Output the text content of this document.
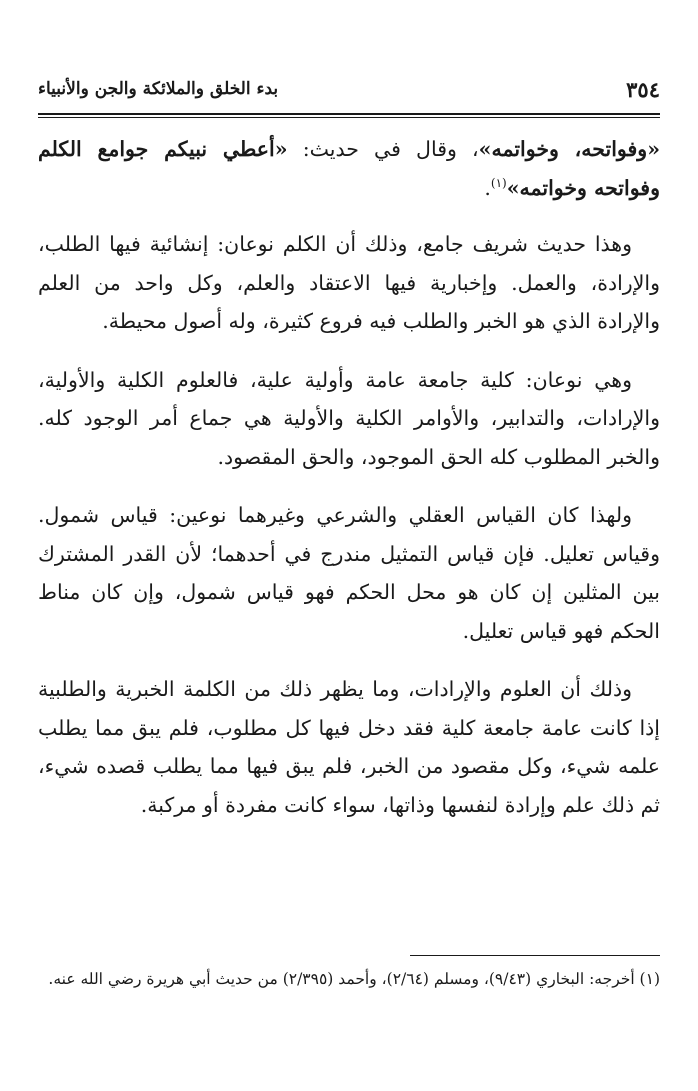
٣٥٤
بدء الخلق والملائكة والجن والأنبياء

«وفواتحه، وخواتمه»، وقال في حديث: «أعطي نبيكم جوامع الكلم وفواتحه وخواتمه»$^{(١)}$.

وهذا حديث شريف جامع، وذلك أن الكلم نوعان: إنشائية فيها الطلب، والإرادة، والعمل. وإخبارية فيها الاعتقاد والعلم، وكل واحد من العلم والإرادة الذي هو الخبر والطلب فيه فروع كثيرة، وله أصول محيطة.

وهي نوعان: كلية جامعة عامة وأولية علية، فالعلوم الكلية والأولية، والإرادات، والتدابير، والأوامر الكلية والأولية هي جماع أمر الوجود كله. والخبر المطلوب كله الحق الموجود، والحق المقصود.

ولهذا كان القياس العقلي والشرعي وغيرهما نوعين: قياس شمول. وقياس تعليل. فإن قياس التمثيل مندرج في أحدهما؛ لأن القدر المشترك بين المثلين إن كان هو محل الحكم فهو قياس شمول، وإن كان مناط الحكم فهو قياس تعليل.

وذلك أن العلوم والإرادات، وما يظهر ذلك من الكلمة الخبرية والطلبية إذا كانت عامة جامعة كلية فقد دخل فيها كل مطلوب، فلم يبق مما يطلب علمه شيء، وكل مقصود من الخبر، فلم يبق فيها مما يطلب قصده شيء، ثم ذلك علم وإرادة لنفسها وذاتها، سواء كانت مفردة أو مركبة.

(١) أخرجه: البخاري (٩/٤٣)، ومسلم (٢/٦٤)، وأحمد (٢/٣٩٥) من حديث أبي هريرة رضي الله عنه.
